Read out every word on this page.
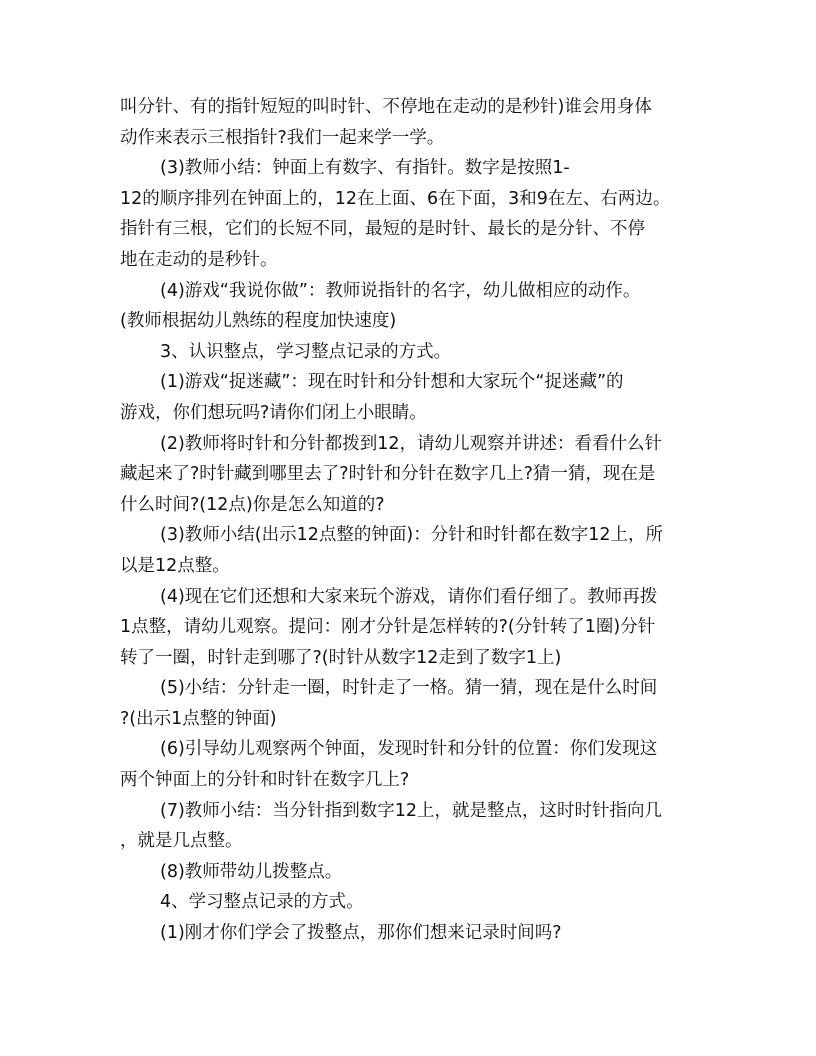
叫分针、有的指针短短的叫时针、不停地在走动的是秒针)谁会用身体
动作来表示三根指针?我们一起来学一学。
(3)教师小结：钟面上有数字、有指针。数字是按照1-
12的顺序排列在钟面上的，12在上面、6在下面，3和9在左、右两边。
指针有三根，它们的长短不同，最短的是时针、最长的是分针、不停
地在走动的是秒针。
(4)游戏“我说你做”：教师说指针的名字，幼儿做相应的动作。
(教师根据幼儿熟练的程度加快速度)
3、认识整点，学习整点记录的方式。
(1)游戏“捉迷藏”：现在时针和分针想和大家玩个“捉迷藏”的
游戏，你们想玩吗?请你们闭上小眼睛。
(2)教师将时针和分针都拨到12，请幼儿观察并讲述：看看什么针
藏起来了?时针藏到哪里去了?时针和分针在数字几上?猜一猜，现在是
什么时间?(12点)你是怎么知道的?
(3)教师小结(出示12点整的钟面)：分针和时针都在数字12上，所
以是12点整。
(4)现在它们还想和大家来玩个游戏，请你们看仔细了。教师再拨
1点整，请幼儿观察。提问：刚才分针是怎样转的?(分针转了1圈)分针
转了一圈，时针走到哪了?(时针从数字12走到了数字1上)
(5)小结：分针走一圈，时针走了一格。猜一猜，现在是什么时间
?(出示1点整的钟面)
(6)引导幼儿观察两个钟面，发现时针和分针的位置：你们发现这
两个钟面上的分针和时针在数字几上?
(7)教师小结：当分针指到数字12上，就是整点，这时时针指向几
，就是几点整。
(8)教师带幼儿拨整点。
4、学习整点记录的方式。
(1)刚才你们学会了拨整点，那你们想来记录时间吗?
